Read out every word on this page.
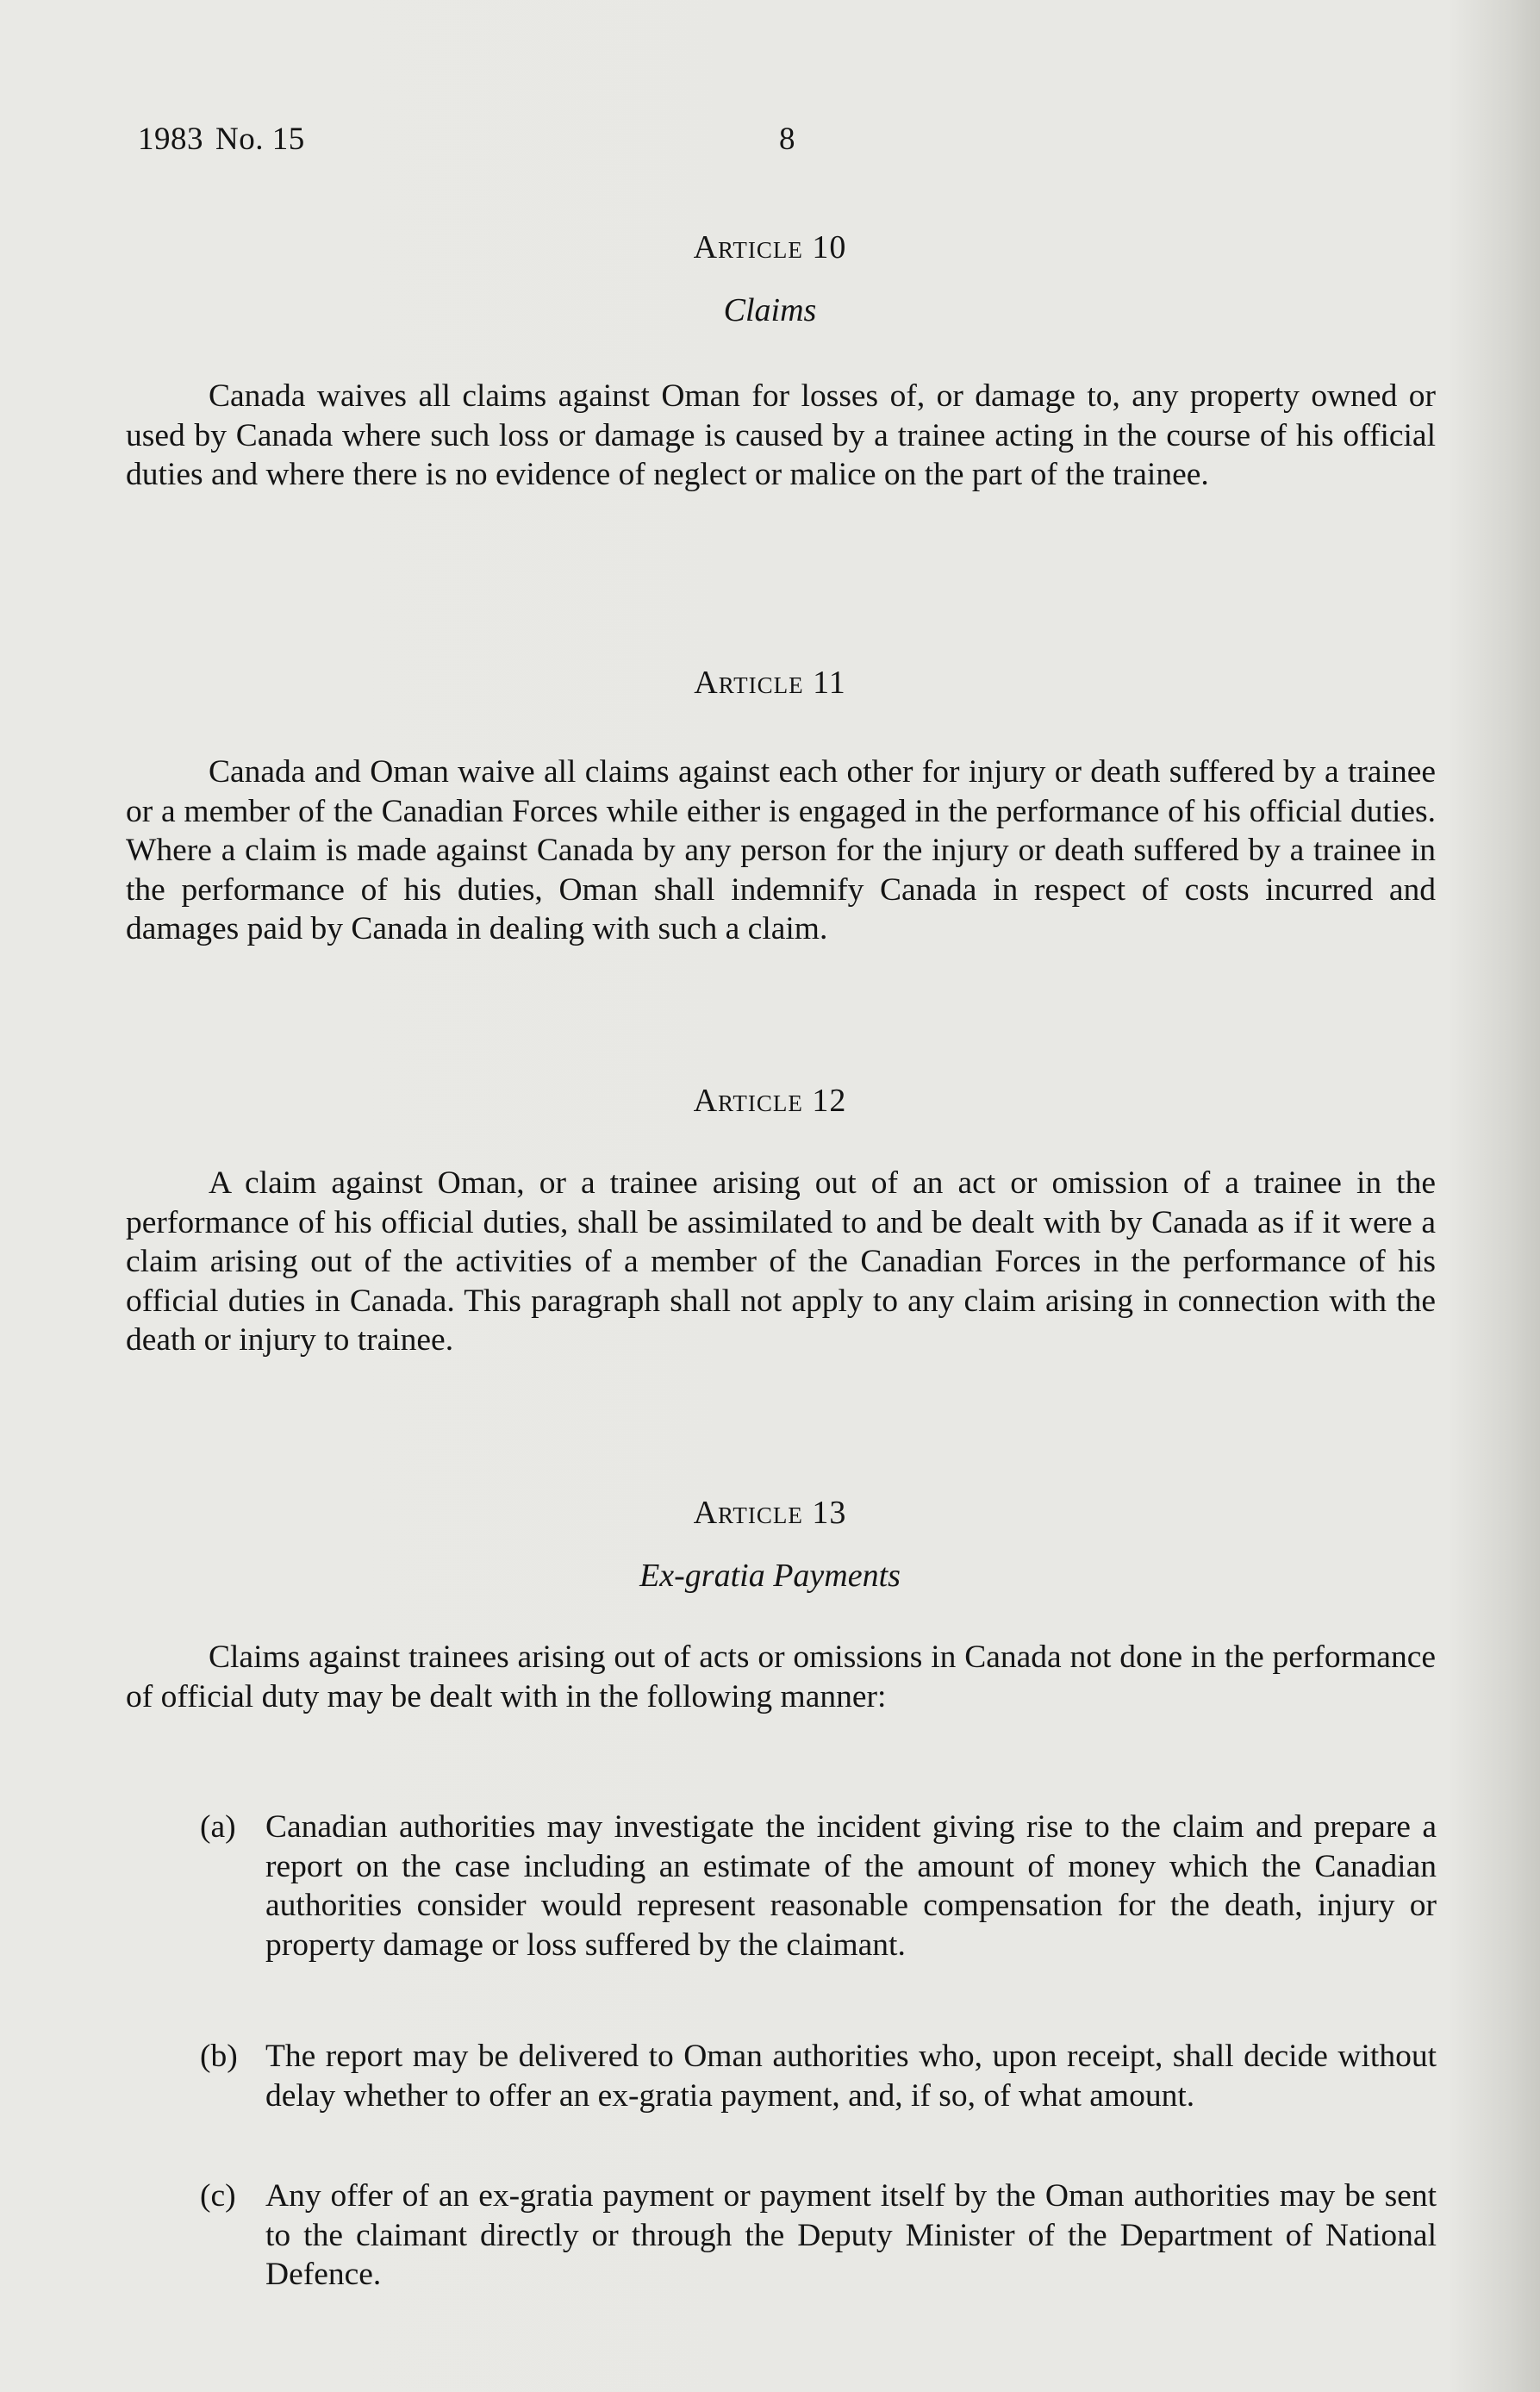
1983 No. 15	8
Article 10
Claims

Canada waives all claims against Oman for losses of, or damage to, any property owned or used by Canada where such loss or damage is caused by a trainee acting in the course of his official duties and where there is no evidence of neglect or malice on the part of the trainee.

Article 11

Canada and Oman waive all claims against each other for injury or death suffered by a trainee or a member of the Canadian Forces while either is engaged in the performance of his official duties. Where a claim is made against Canada by any person for the injury or death suffered by a trainee in the performance of his duties, Oman shall indemnify Canada in respect of costs incurred and damages paid by Canada in dealing with such a claim.

Article 12

A claim against Oman, or a trainee arising out of an act or omission of a trainee in the performance of his official duties, shall be assimilated to and be dealt with by Canada as if it were a claim arising out of the activities of a member of the Canadian Forces in the performance of his official duties in Canada. This paragraph shall not apply to any claim arising in connection with the death or injury to trainee.

Article 13
Ex-gratia Payments

Claims against trainees arising out of acts or omissions in Canada not done in the performance of official duty may be dealt with in the following manner:

(a) Canadian authorities may investigate the incident giving rise to the claim and prepare a report on the case including an estimate of the amount of money which the Canadian authorities consider would represent reasonable compensation for the death, injury or property damage or loss suffered by the claimant.
(b) The report may be delivered to Oman authorities who, upon receipt, shall decide without delay whether to offer an ex-gratia payment, and, if so, of what amount.
(c) Any offer of an ex-gratia payment or payment itself by the Oman authorities may be sent to the claimant directly or through the Deputy Minister of the Department of National Defence.
